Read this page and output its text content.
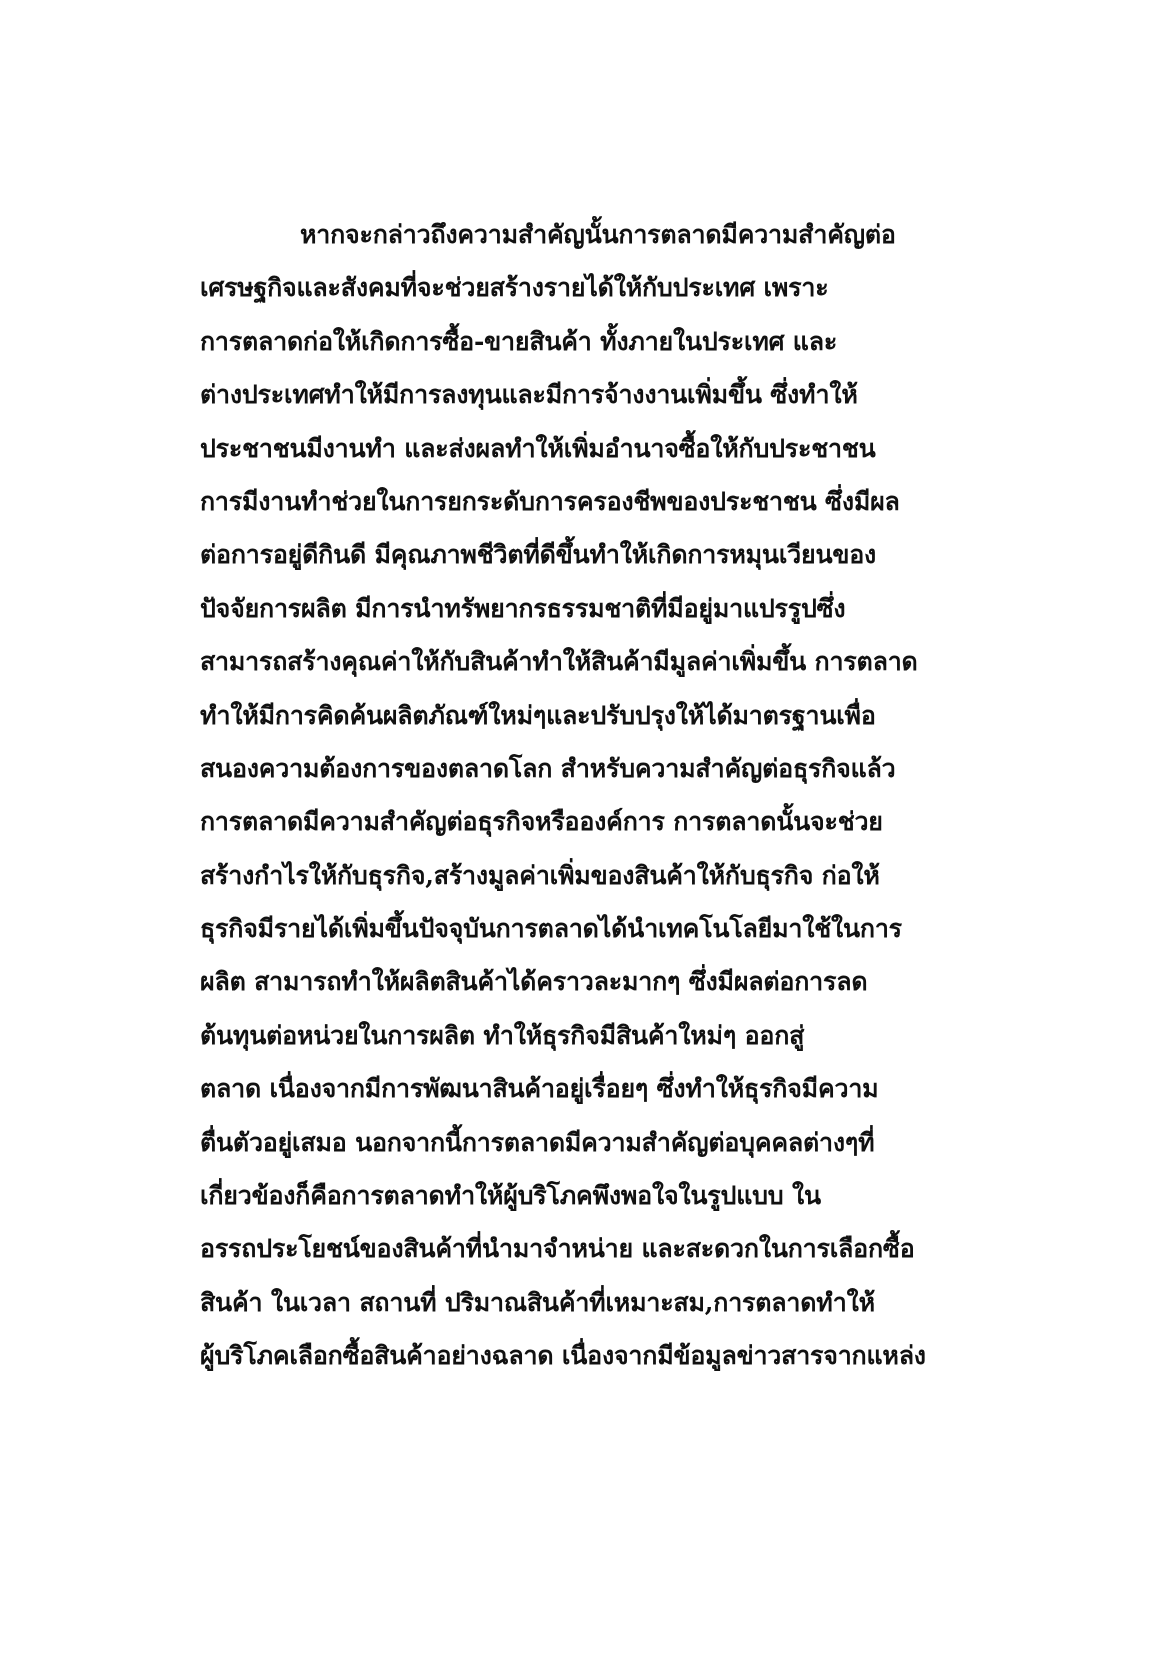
หากจะกล่าวถึงความสำคัญนั้นการตลาดมีความสำคัญต่อ
เศรษฐกิจและสังคมที่จะช่วยสร้างรายได้ให้กับประเทศ เพราะ
การตลาดก่อให้เกิดการซื้อ-ขายสินค้า ทั้งภายในประเทศ และ
ต่างประเทศทำให้มีการลงทุนและมีการจ้างงานเพิ่มขึ้น ซึ่งทำให้
ประชาชนมีงานทำ และส่งผลทำให้เพิ่มอำนาจซื้อให้กับประชาชน
การมีงานทำช่วยในการยกระดับการครองชีพของประชาชน ซึ่งมีผล
ต่อการอยู่ดีกินดี มีคุณภาพชีวิตที่ดีขึ้นทำให้เกิดการหมุนเวียนของ
ปัจจัยการผลิต มีการนำทรัพยากรธรรมชาติที่มีอยู่มาแปรรูปซึ่ง
สามารถสร้างคุณค่าให้กับสินค้าทำให้สินค้ามีมูลค่าเพิ่มขึ้น การตลาด
ทำให้มีการคิดค้นผลิตภัณฑ์ใหม่ๆและปรับปรุงให้ได้มาตรฐานเพื่อ
สนองความต้องการของตลาดโลก สำหรับความสำคัญต่อธุรกิจแล้ว
การตลาดมีความสำคัญต่อธุรกิจหรือองค์การ การตลาดนั้นจะช่วย
สร้างกำไรให้กับธุรกิจ,สร้างมูลค่าเพิ่มของสินค้าให้กับธุรกิจ ก่อให้
ธุรกิจมีรายได้เพิ่มขึ้นปัจจุบันการตลาดได้นำเทคโนโลยีมาใช้ในการ
ผลิต สามารถทำให้ผลิตสินค้าได้คราวละมากๆ ซึ่งมีผลต่อการลด
ต้นทุนต่อหน่วยในการผลิต ทำให้ธุรกิจมีสินค้าใหม่ๆ ออกสู่
ตลาด เนื่องจากมีการพัฒนาสินค้าอยู่เรื่อยๆ ซึ่งทำให้ธุรกิจมีความ
ตื่นตัวอยู่เสมอ นอกจากนี้การตลาดมีความสำคัญต่อบุคคลต่างๆที่
เกี่ยวข้องก็คือการตลาดทำให้ผู้บริโภคพึงพอใจในรูปแบบ ใน
อรรถประโยชน์ของสินค้าที่นำมาจำหน่าย และสะดวกในการเลือกซื้อ
สินค้า ในเวลา สถานที่ ปริมาณสินค้าที่เหมาะสม,การตลาดทำให้
ผู้บริโภคเลือกซื้อสินค้าอย่างฉลาด เนื่องจากมีข้อมูลข่าวสารจากแหล่ง
